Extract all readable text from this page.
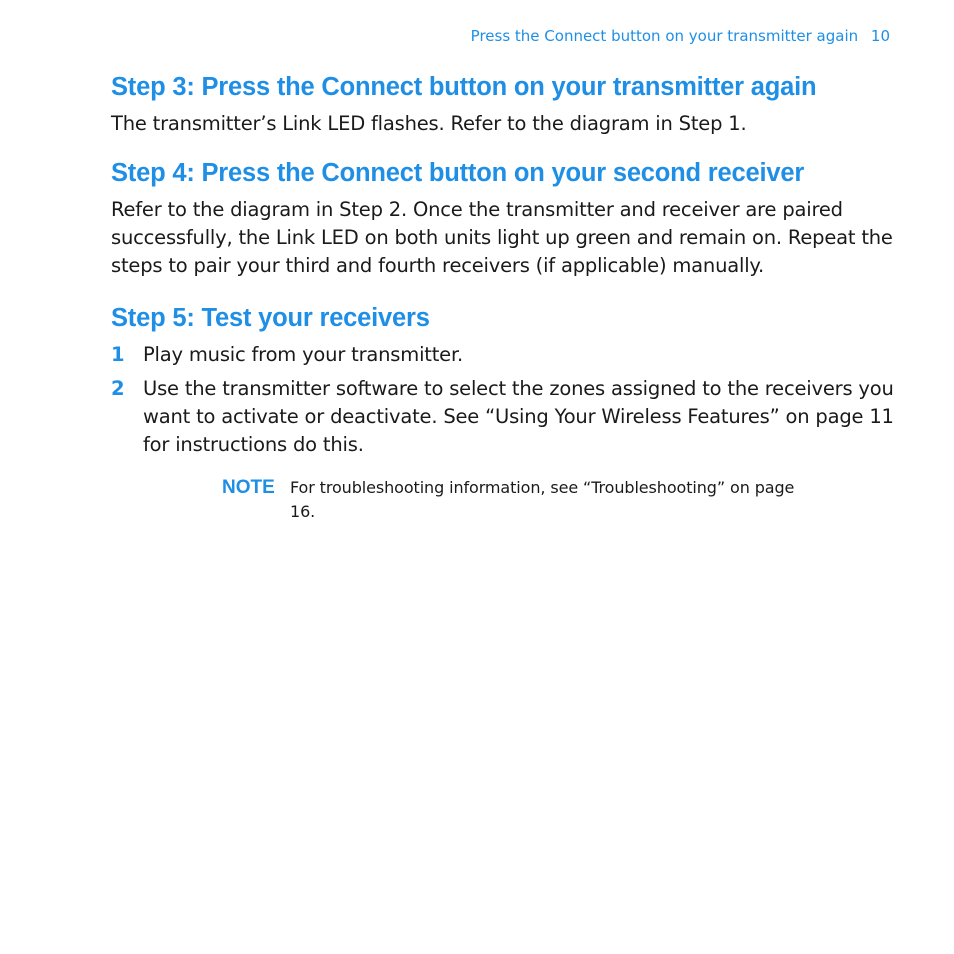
Press the Connect button on your transmitter again 10
Step 3: Press the Connect button on your transmitter again

The transmitter’s Link LED flashes. Refer to the diagram in Step 1.

Step 4: Press the Connect button on your second receiver

Refer to the diagram in Step 2. Once the transmitter and receiver are paired successfully, the Link LED on both units light up green and remain on. Repeat the steps to pair your third and fourth receivers (if applicable) manually.

Step 5: Test your receivers
1 Play music from your transmitter.
2 Use the transmitter software to select the zones assigned to the receivers you want to activate or deactivate. See “Using Your Wireless Features” on page 11 for instructions do this.
NOTE For troubleshooting information, see “Troubleshooting” on page 16.
